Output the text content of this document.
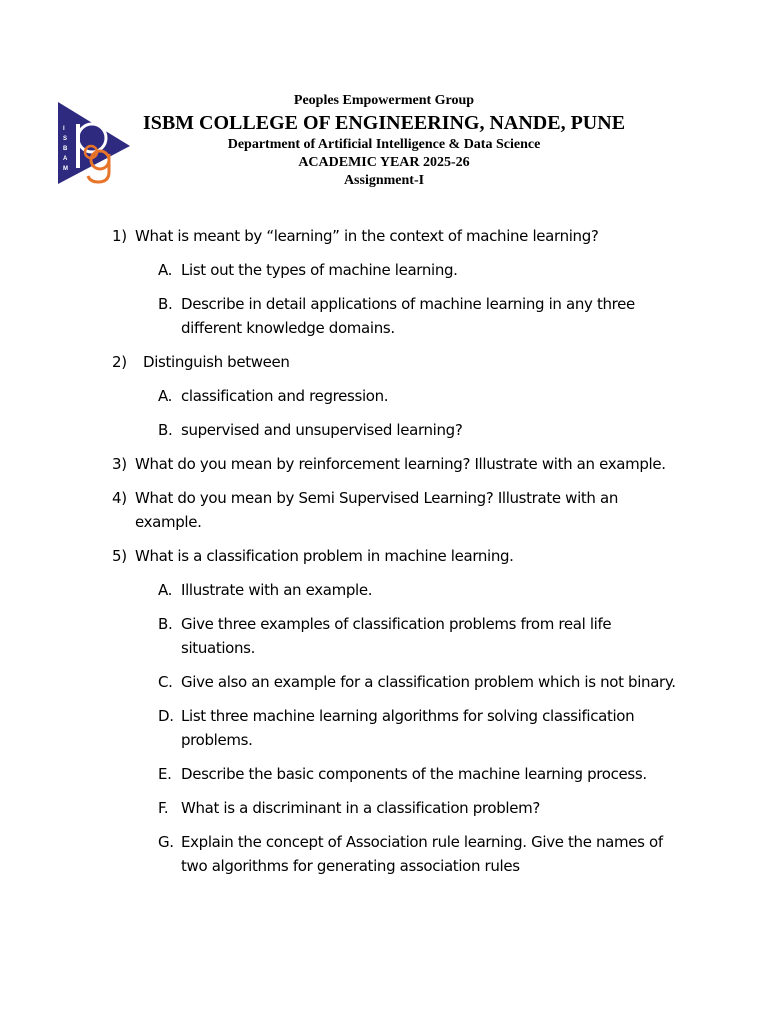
I
S
B
A
M
Peoples Empowerment Group
ISBM COLLEGE OF ENGINEERING, NANDE, PUNE
Department of Artificial Intelligence & Data Science
ACADEMIC YEAR 2025-26
Assignment-I
1) What is meant by “learning” in the context of machine learning?
A. List out the types of machine learning.
B. Describe in detail applications of machine learning in any three different knowledge domains.
2) Distinguish between
A. classification and regression.
B. supervised and unsupervised learning?
3) What do you mean by reinforcement learning? Illustrate with an example.
4) What do you mean by Semi Supervised Learning? Illustrate with an example.
5) What is a classification problem in machine learning.
A. Illustrate with an example.
B. Give three examples of classification problems from real life situations.
C. Give also an example for a classification problem which is not binary.
D. List three machine learning algorithms for solving classification problems.
E. Describe the basic components of the machine learning process.
F. What is a discriminant in a classification problem?
G. Explain the concept of Association rule learning. Give the names of two algorithms for generating association rules
